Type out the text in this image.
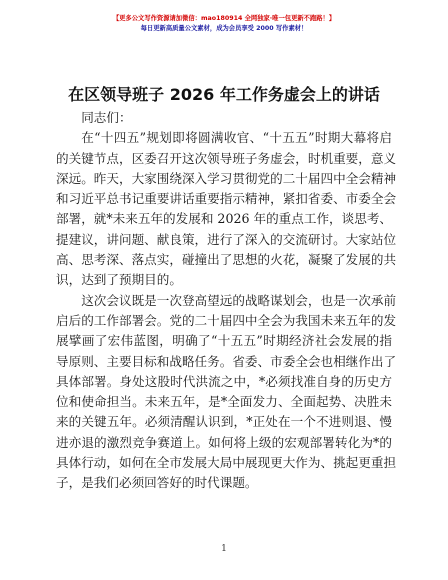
【更多公文写作资源请加微信：mao180914 全网独家·唯一包更新不跑路！】
每日更新高质量公文素材，成为会员享受 2000 写作素材！
在区领导班子 2026 年工作务虚会上的讲话

同志们：

在“十四五”规划即将圆满收官、“十五五”时期大幕将启
的关键节点，区委召开这次领导班子务虚会，时机重要，意义
深远。昨天，大家围绕深入学习贯彻党的二十届四中全会精神
和习近平总书记重要讲话重要指示精神，紧扣省委、市委全会
部署，就*未来五年的发展和 2026 年的重点工作，谈思考、
提建议，讲问题、献良策，进行了深入的交流研讨。大家站位
高、思考深、落点实，碰撞出了思想的火花，凝聚了发展的共
识，达到了预期目的。
这次会议既是一次登高望远的战略谋划会，也是一次承前
启后的工作部署会。党的二十届四中全会为我国未来五年的发
展擘画了宏伟蓝图，明确了“十五五”时期经济社会发展的指
导原则、主要目标和战略任务。省委、市委全会也相继作出了
具体部署。身处这股时代洪流之中，*必须找准自身的历史方
位和使命担当。未来五年，是*全面发力、全面起势、决胜未
来的关键五年。必须清醒认识到，*正处在一个不进则退、慢
进亦退的激烈竞争赛道上。如何将上级的宏观部署转化为*的
具体行动，如何在全市发展大局中展现更大作为、挑起更重担
子，是我们必须回答好的时代课题。
1
